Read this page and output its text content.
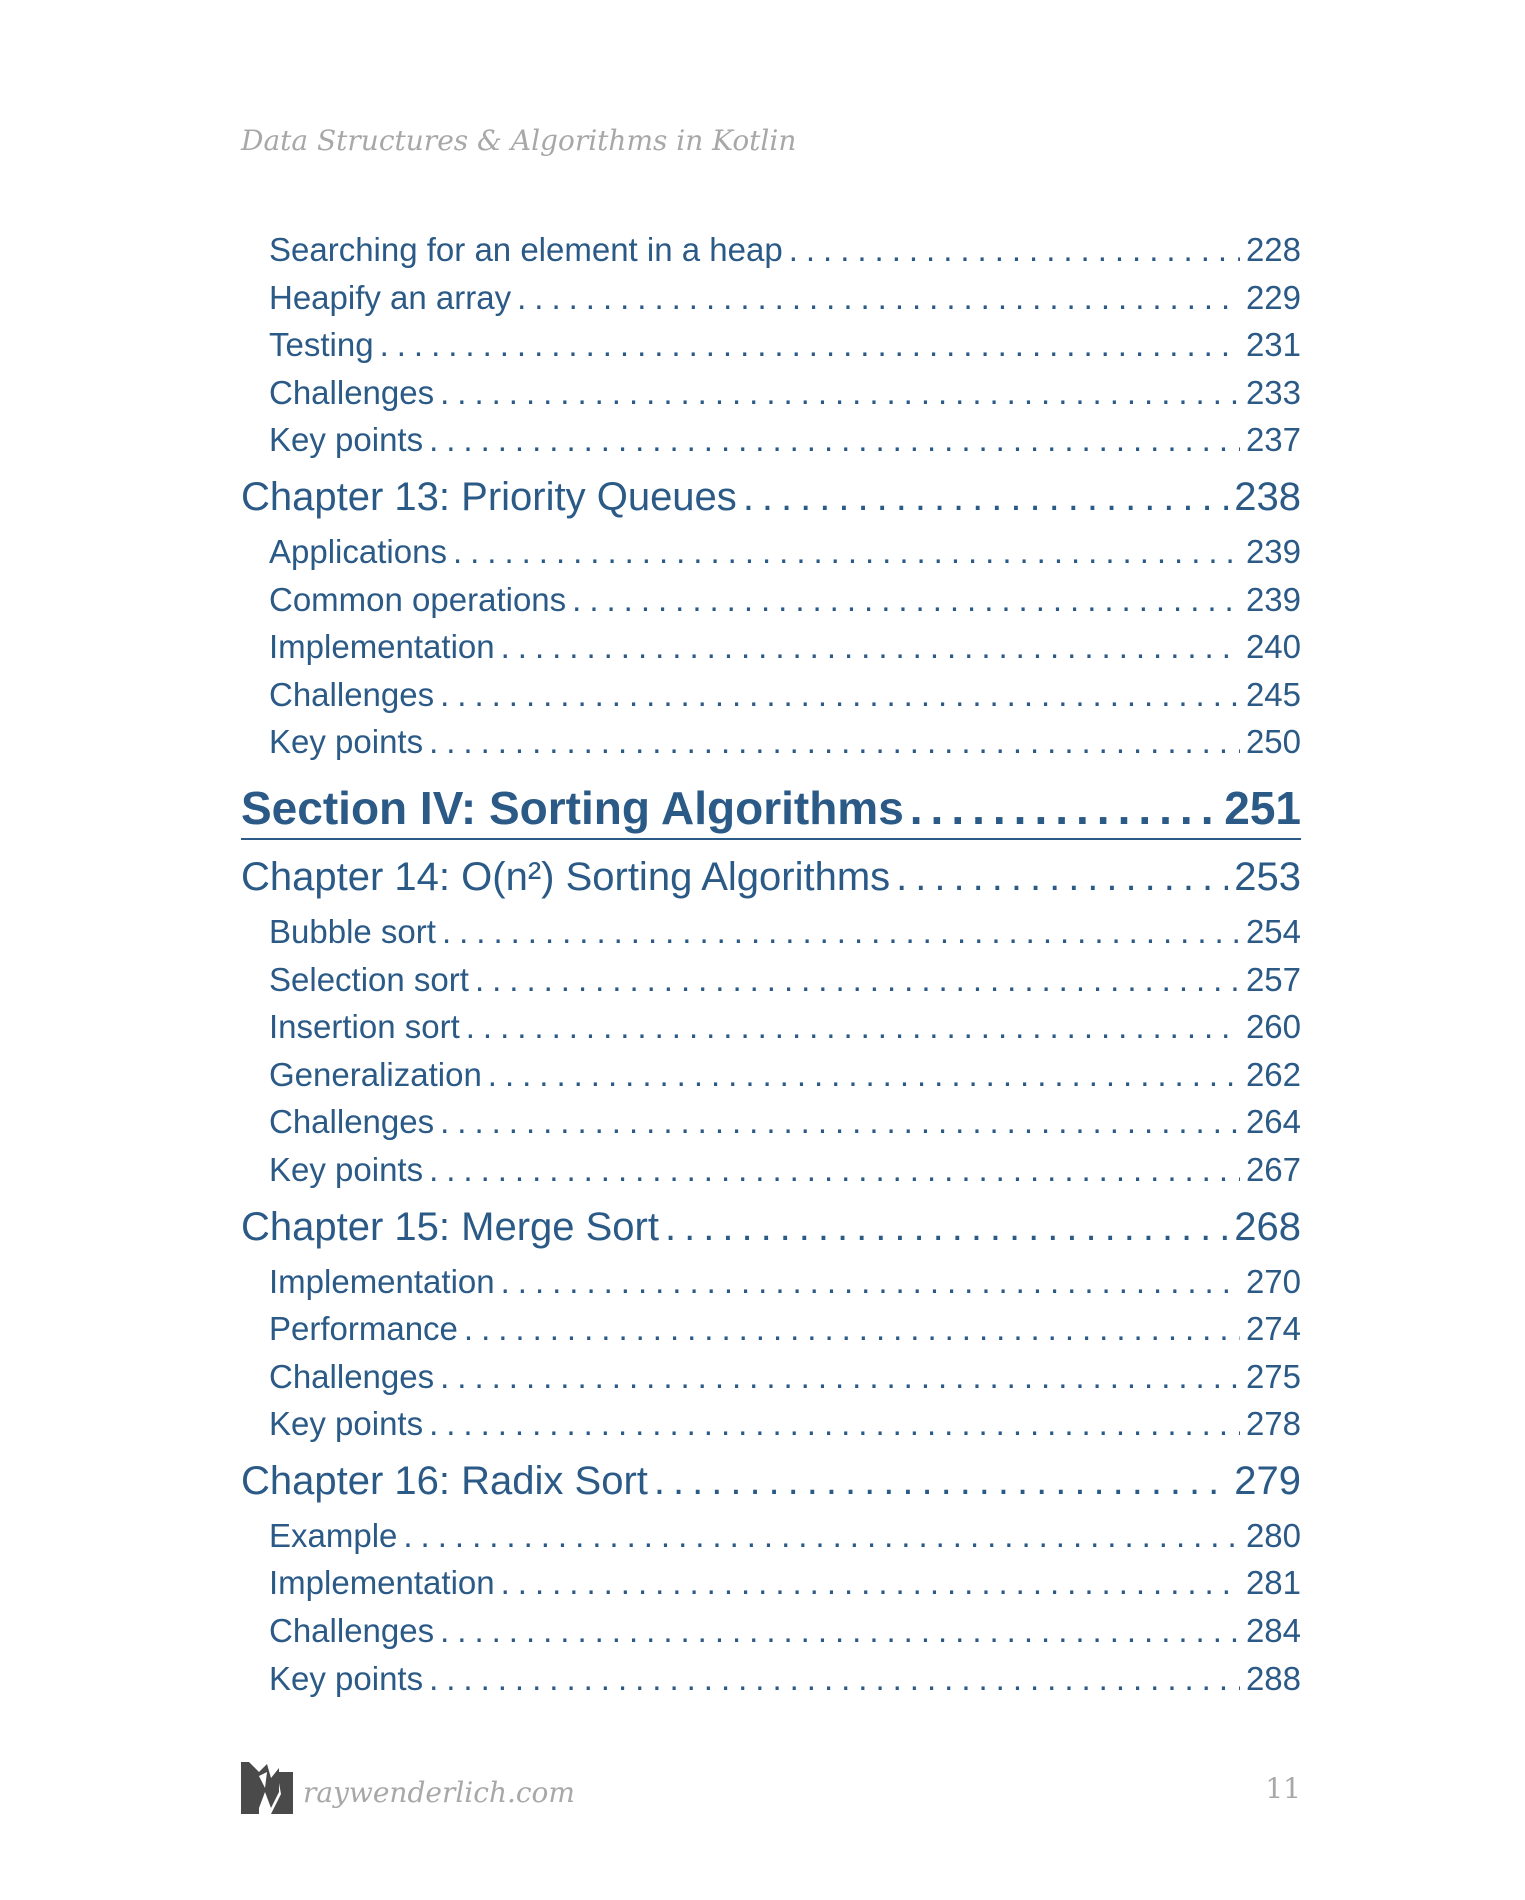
Data Structures & Algorithms in Kotlin
Searching for an element in a heap .....	228
Heapify an array .....	229
Testing .....	231
Challenges .....	233
Key points .....	237
Chapter 13: Priority Queues .....	238
Applications .....	239
Common operations .....	239
Implementation .....	240
Challenges .....	245
Key points .....	250
Section IV: Sorting Algorithms .....	251
Chapter 14: O(n²) Sorting Algorithms .....	253
Bubble sort .....	254
Selection sort .....	257
Insertion sort .....	260
Generalization .....	262
Challenges .....	264
Key points .....	267
Chapter 15: Merge Sort .....	268
Implementation .....	270
Performance .....	274
Challenges .....	275
Key points .....	278
Chapter 16: Radix Sort .....	279
Example .....	280
Implementation .....	281
Challenges .....	284
Key points .....	288
raywenderlich.com	11
